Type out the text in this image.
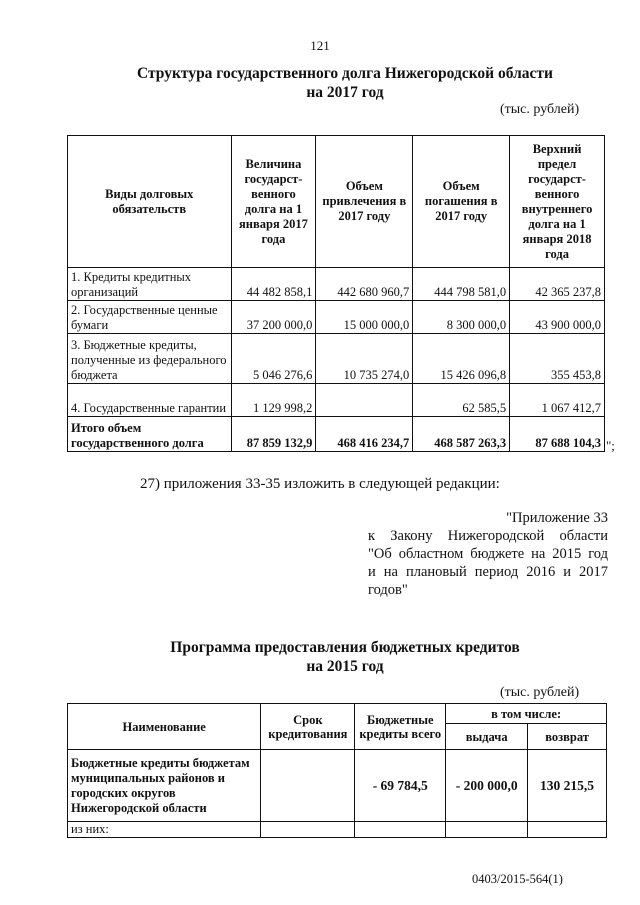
121
Структура государственного долга Нижегородской области
на 2017 год
(тыс. рублей)
Виды долговых обязательств	Величина государст-венного долга на 1 января 2017 года	Объем привлечения в 2017 году	Объем погашения в 2017 году	Верхний предел государст-венного внутреннего долга на 1 января 2018 года
1. Кредиты кредитных организаций	44 482 858,1	442 680 960,7	444 798 581,0	42 365 237,8
2. Государственные ценные бумаги	37 200 000,0	15 000 000,0	8 300 000,0	43 900 000,0
3. Бюджетные кредиты, полученные из федерального бюджета	5 046 276,6	10 735 274,0	15 426 096,8	355 453,8
4. Государственные гарантии	1 129 998,2		62 585,5	1 067 412,7
Итого объем государственного долга	87 859 132,9	468 416 234,7	468 587 263,3	87 688 104,3 ";
27) приложения 33-35 изложить в следующей редакции:
"Приложение 33
к Закону Нижегородской области
"Об областном бюджете на 2015 год
и на плановый период 2016 и 2017
годов"
Программа предоставления бюджетных кредитов
на 2015 год
(тыс. рублей)
Наименование	Срок кредитования	Бюджетные кредиты всего	в том числе:	
			выдача	возврат
Бюджетные кредиты бюджетам муниципальных районов и городских округов Нижегородской области		- 69 784,5	- 200 000,0	130 215,5
из них:				
0403/2015-564(1)
